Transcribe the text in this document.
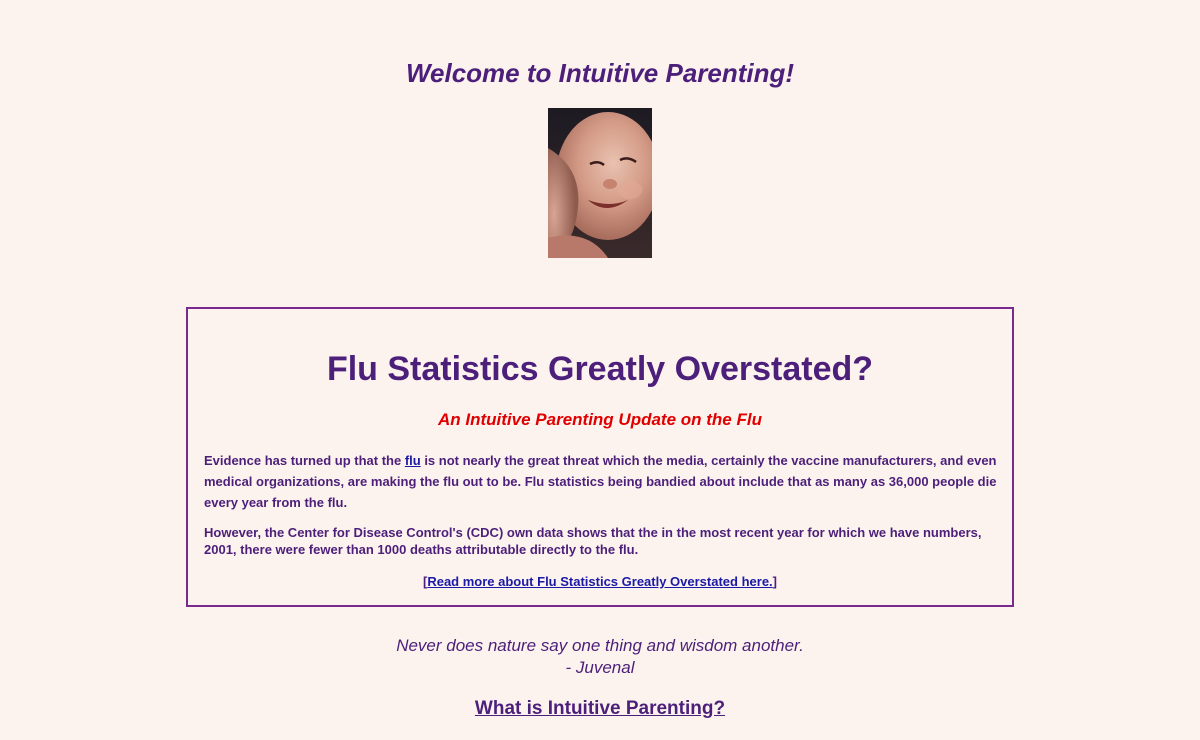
Welcome to Intuitive Parenting!
Flu Statistics Greatly Overstated?
An Intuitive Parenting Update on the Flu

Evidence has turned up that the flu is not nearly the great threat which the media, certainly the vaccine manufacturers, and even medical organizations, are making the flu out to be. Flu statistics being bandied about include that as many as 36,000 people die every year from the flu.

However, the Center for Disease Control's (CDC) own data shows that the in the most recent year for which we have numbers, 2001, there were fewer than 1000 deaths attributable directly to the flu.

[Read more about Flu Statistics Greatly Overstated here.]

Never does nature say one thing and wisdom another.
- Juvenal

What is Intuitive Parenting?
